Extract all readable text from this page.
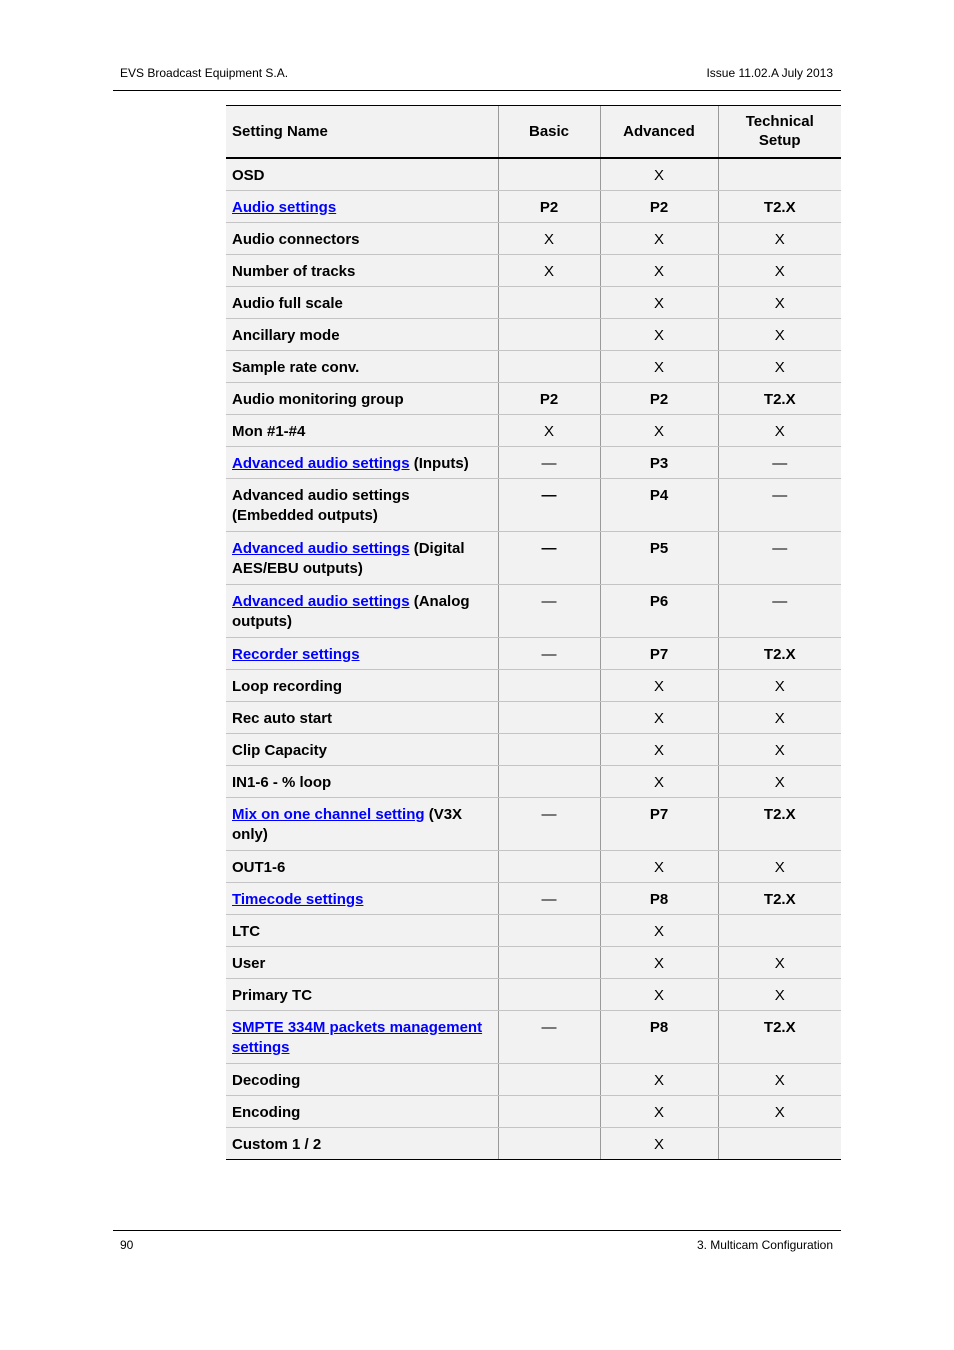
EVS Broadcast Equipment S.A.	Issue 11.02.A July 2013
Setting Name	Basic	Advanced	Technical Setup
OSD		X	
Audio settings	P2	P2	T2.X
Audio connectors	X	X	X
Number of tracks	X	X	X
Audio full scale		X	X
Ancillary mode		X	X
Sample rate conv.		X	X
Audio monitoring group	P2	P2	T2.X
Mon #1-#4	X	X	X
Advanced audio settings (Inputs)	—	P3	—
Advanced audio settings (Embedded outputs)	—	P4	—
Advanced audio settings (Digital AES/EBU outputs)	—	P5	—
Advanced audio settings (Analog outputs)	—	P6	—
Recorder settings	—	P7	T2.X
Loop recording		X	X
Rec auto start		X	X
Clip Capacity		X	X
IN1-6 - % loop		X	X
Mix on one channel setting (V3X only)	—	P7	T2.X
OUT1-6		X	X
Timecode settings	—	P8	T2.X
LTC		X	
User		X	X
Primary TC		X	X
SMPTE 334M packets management settings	—	P8	T2.X
Decoding		X	X
Encoding		X	X
Custom 1 / 2		X	
90	3. Multicam Configuration
